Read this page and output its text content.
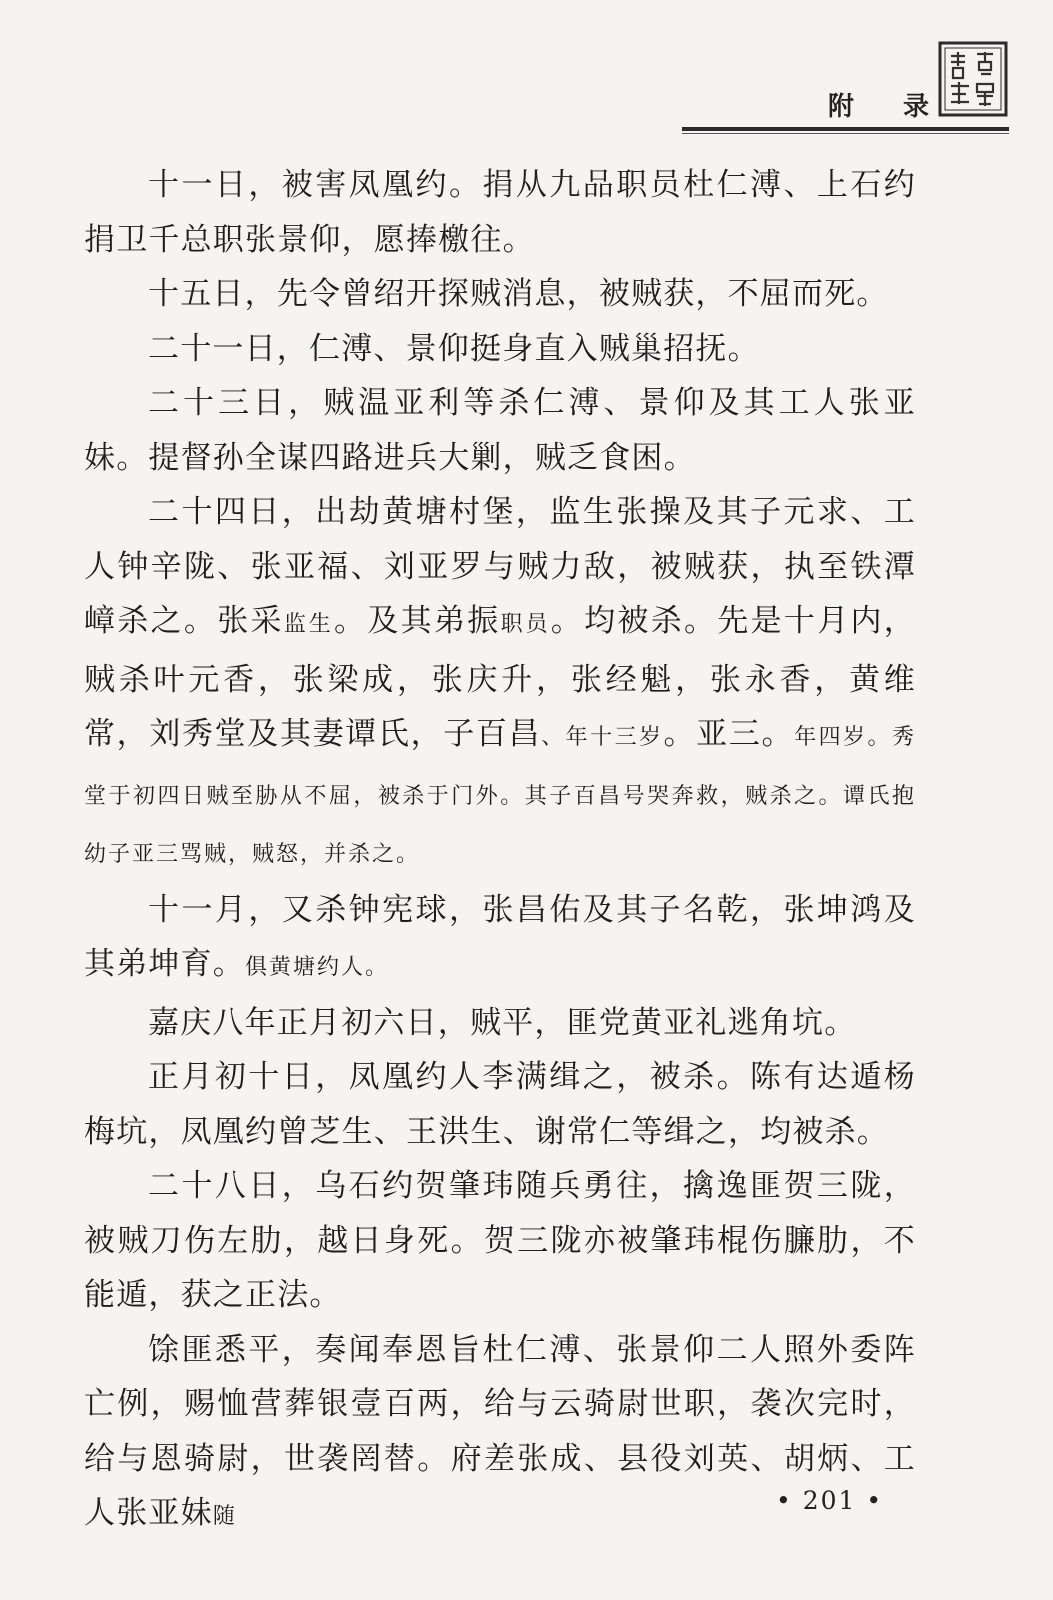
附 录

十一日，被害凤凰约。捐从九品职员杜仁溥、上石约捐卫千总职张景仰，愿捧檄往。

十五日，先令曾绍开探贼消息，被贼获，不屈而死。

二十一日，仁溥、景仰挺身直入贼巢招抚。

二十三日，贼温亚利等杀仁溥、景仰及其工人张亚妹。提督孙全谋四路进兵大剿，贼乏食困。

二十四日，出劫黄塘村堡，监生张操及其子元求、工人钟辛陇、张亚福、刘亚罗与贼力敌，被贼获，执至铁潭嶂杀之。张采监生。及其弟振职员。均被杀。先是十月内，贼杀叶元香，张梁成，张庆升，张经魁，张永香，黄维常，刘秀堂及其妻谭氏，子百昌、年十三岁。亚三。年四岁。秀堂于初四日贼至胁从不屈，被杀于门外。其子百昌号哭奔救，贼杀之。谭氏抱幼子亚三骂贼，贼怒，并杀之。

十一月，又杀钟宪球，张昌佑及其子名乾，张坤鸿及其弟坤育。俱黄塘约人。

嘉庆八年正月初六日，贼平，匪党黄亚礼逃角坑。

正月初十日，凤凰约人李满缉之，被杀。陈有达遁杨梅坑，凤凰约曾芝生、王洪生、谢常仁等缉之，均被杀。

二十八日，乌石约贺肇玮随兵勇往，擒逸匪贺三陇，被贼刀伤左肋，越日身死。贺三陇亦被肇玮棍伤臁肋，不能遁，获之正法。

馀匪悉平，奏闻奉恩旨杜仁溥、张景仰二人照外委阵亡例，赐恤营葬银壹百两，给与云骑尉世职，袭次完时，给与恩骑尉，世袭罔替。府差张成、县役刘英、胡炳、工人张亚妹随

• 201 •
